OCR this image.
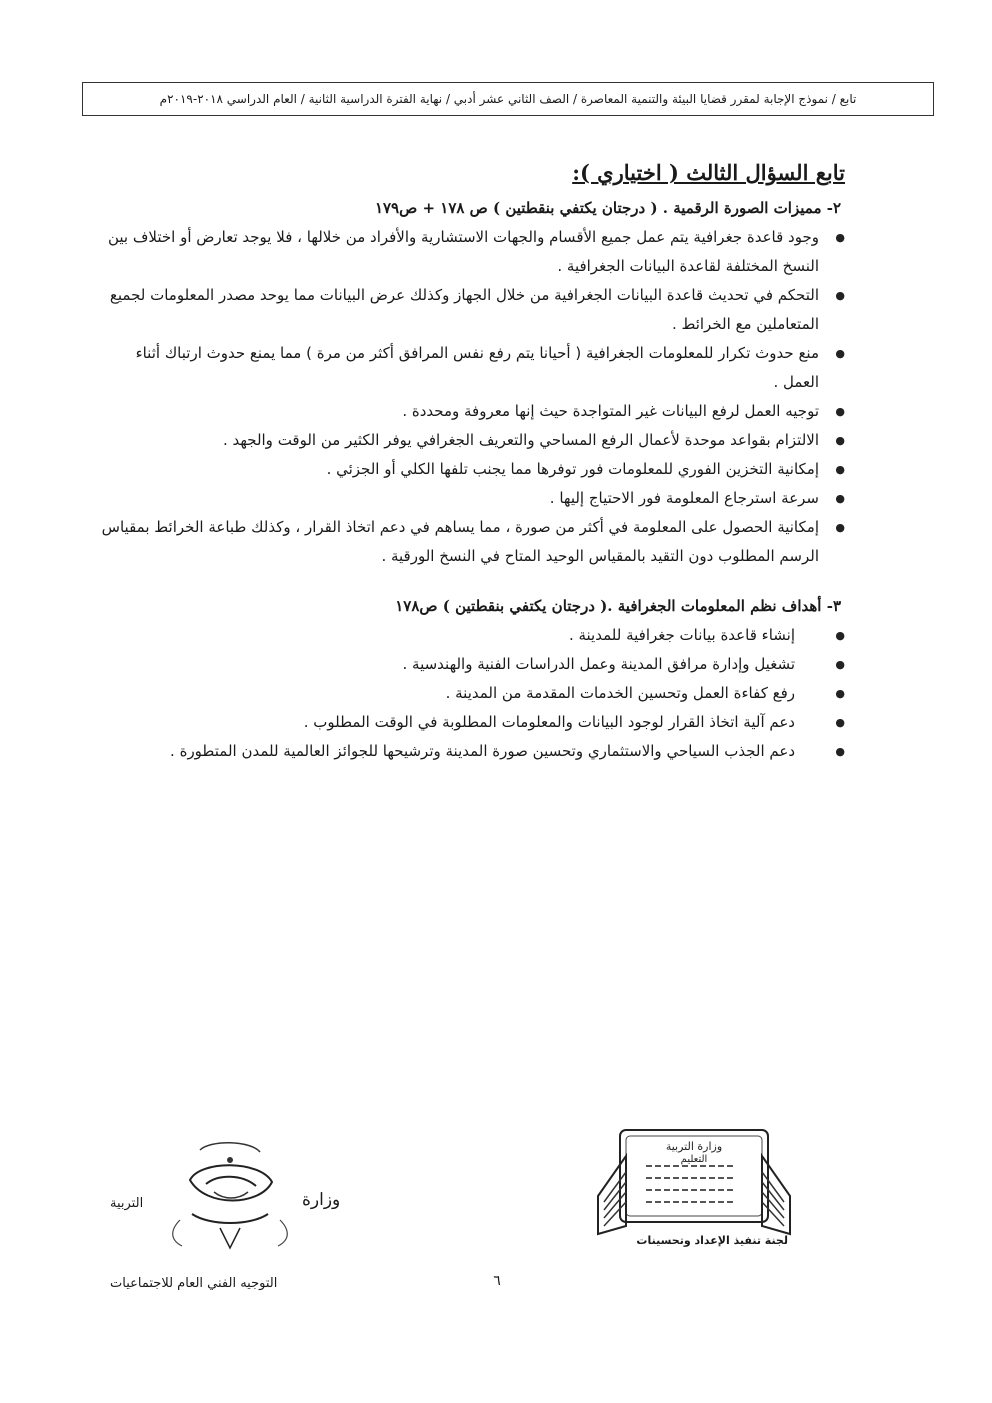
تابع / نموذج الإجابة لمقرر قضايا البيئة والتنمية المعاصرة / الصف الثاني عشر أدبي / نهاية الفترة الدراسية الثانية / العام الدراسي ٢٠١٨-٢٠١٩م
تابع السؤال الثالث ( اختياري ):
٢- مميزات الصورة الرقمية . ( درجتان يكتفي بنقطتين ) ص ١٧٨ + ص١٧٩
● وجود قاعدة جغرافية يتم عمل جميع الأقسام والجهات الاستشارية والأفراد من خلالها ، فلا يوجد تعارض أو اختلاف بين النسخ المختلفة لقاعدة البيانات الجغرافية .
● التحكم في تحديث قاعدة البيانات الجغرافية من خلال الجهاز وكذلك عرض البيانات مما يوحد مصدر المعلومات لجميع المتعاملين مع الخرائط .
● منع حدوث تكرار للمعلومات الجغرافية ( أحيانا يتم رفع نفس المرافق أكثر من مرة ) مما يمنع حدوث ارتباك أثناء العمل .
● توجيه العمل لرفع البيانات غير المتواجدة حيث إنها معروفة ومحددة .
● الالتزام بقواعد موحدة لأعمال الرفع المساحي والتعريف الجغرافي يوفر الكثير من الوقت والجهد .
● إمكانية التخزين الفوري للمعلومات فور توفرها مما يجنب تلفها الكلي أو الجزئي .
● سرعة استرجاع المعلومة فور الاحتياج إليها .
● إمكانية الحصول على المعلومة في أكثر من صورة ، مما يساهم في دعم اتخاذ القرار ، وكذلك طباعة الخرائط بمقياس الرسم المطلوب دون التقيد بالمقياس الوحيد المتاح في النسخ الورقية .
٣- أهداف نظم المعلومات الجغرافية .( درجتان يكتفي بنقطتين ) ص١٧٨
● إنشاء قاعدة بيانات جغرافية للمدينة .
● تشغيل وإدارة مرافق المدينة وعمل الدراسات الفنية والهندسية .
● رفع كفاءة العمل وتحسين الخدمات المقدمة من المدينة .
● دعم آلية اتخاذ القرار لوجود البيانات والمعلومات المطلوبة في الوقت المطلوب .
● دعم الجذب السياحي والاستثماري وتحسين صورة المدينة وترشيحها للجوائز العالمية للمدن المتطورة .
وزارة التربية
التعليم
لجنة تنفيذ الإعداد وتحسينات
وزارة
التربية
التوجيه الفني العام للاجتماعيات	٦
